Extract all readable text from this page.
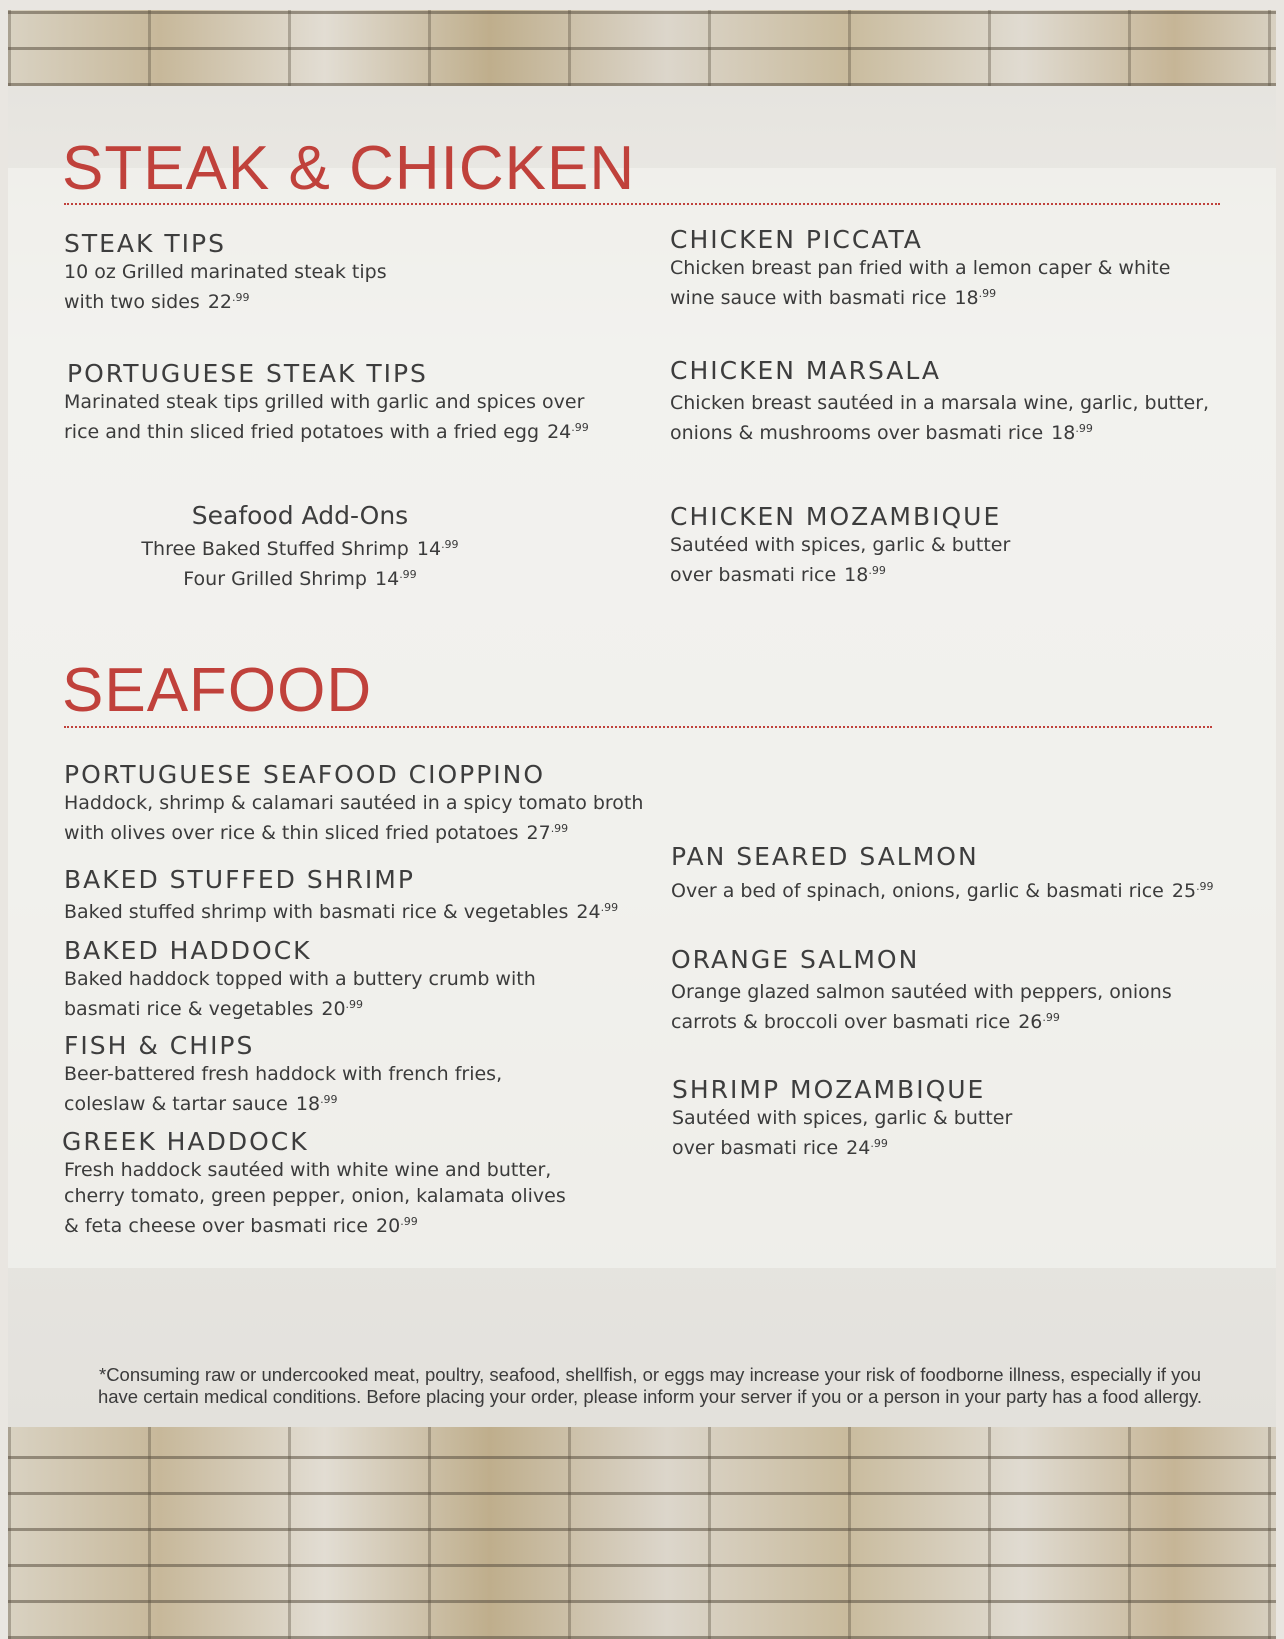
STEAK & CHICKEN
STEAK TIPS
10 oz Grilled marinated steak tips
with two sides $22^{.99}$
PORTUGUESE STEAK TIPS
Marinated steak tips grilled with garlic and spices over
rice and thin sliced fried potatoes with a fried egg $24^{.99}$
Seafood Add-Ons
Three Baked Stuffed Shrimp $14^{.99}$
Four Grilled Shrimp $14^{.99}$
CHICKEN PICCATA
Chicken breast pan fried with a lemon caper & white
wine sauce with basmati rice $18^{.99}$
CHICKEN MARSALA
Chicken breast sautéed in a marsala wine, garlic, butter,
onions & mushrooms over basmati rice $18^{.99}$
CHICKEN MOZAMBIQUE
Sautéed with spices, garlic & butter
over basmati rice $18^{.99}$
SEAFOOD
PORTUGUESE SEAFOOD CIOPPINO
Haddock, shrimp & calamari sautéed in a spicy tomato broth
with olives over rice & thin sliced fried potatoes $27^{.99}$
BAKED STUFFED SHRIMP
Baked stuffed shrimp with basmati rice & vegetables $24^{.99}$
BAKED HADDOCK
Baked haddock topped with a buttery crumb with
basmati rice & vegetables $20^{.99}$
FISH & CHIPS
Beer-battered fresh haddock with french fries,
coleslaw & tartar sauce $18^{.99}$
GREEK HADDOCK
Fresh haddock sautéed with white wine and butter,
cherry tomato, green pepper, onion, kalamata olives
& feta cheese over basmati rice $20^{.99}$
PAN SEARED SALMON
Over a bed of spinach, onions, garlic & basmati rice $25^{.99}$
ORANGE SALMON
Orange glazed salmon sautéed with peppers, onions
carrots & broccoli over basmati rice $26^{.99}$
SHRIMP MOZAMBIQUE
Sautéed with spices, garlic & butter
over basmati rice $24^{.99}$
*Consuming raw or undercooked meat, poultry, seafood, shellfish, or eggs may increase your risk of foodborne illness, especially if you
have certain medical conditions. Before placing your order, please inform your server if you or a person in your party has a food allergy.
